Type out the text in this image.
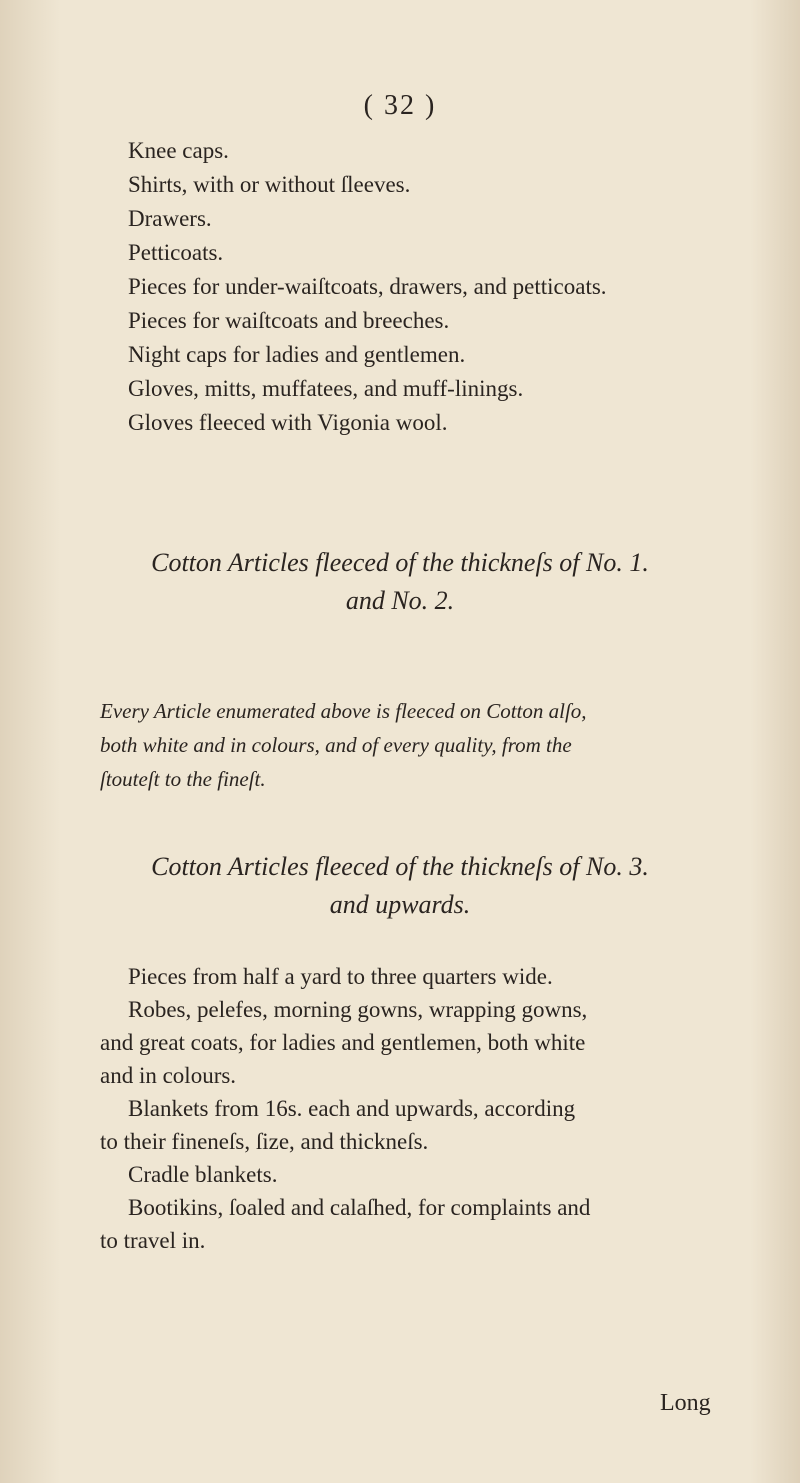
( 32 )
Knee caps.
Shirts, with or without ſleeves.
Drawers.
Petticoats.
Pieces for under-waiſtcoats, drawers, and petticoats.
Pieces for waiſtcoats and breeches.
Night caps for ladies and gentlemen.
Gloves, mitts, muffatees, and muff-linings.
Gloves fleeced with Vigonia wool.
Cotton Articles fleeced of the thickneſs of No. 1.
and No. 2.
Every Article enumerated above is fleeced on Cotton alſo,
both white and in colours, and of every quality, from the
ſtouteſt to the fineſt.
Cotton Articles fleeced of the thickneſs of No. 3.
and upwards.
Pieces from half a yard to three quarters wide.
Robes, pelefes, morning gowns, wrapping gowns,
and great coats, for ladies and gentlemen, both white
and in colours.
Blankets from 16s. each and upwards, according
to their fineneſs, ſize, and thickneſs.
Cradle blankets.
Bootikins, ſoaled and calaſhed, for complaints and
to travel in.
Long
